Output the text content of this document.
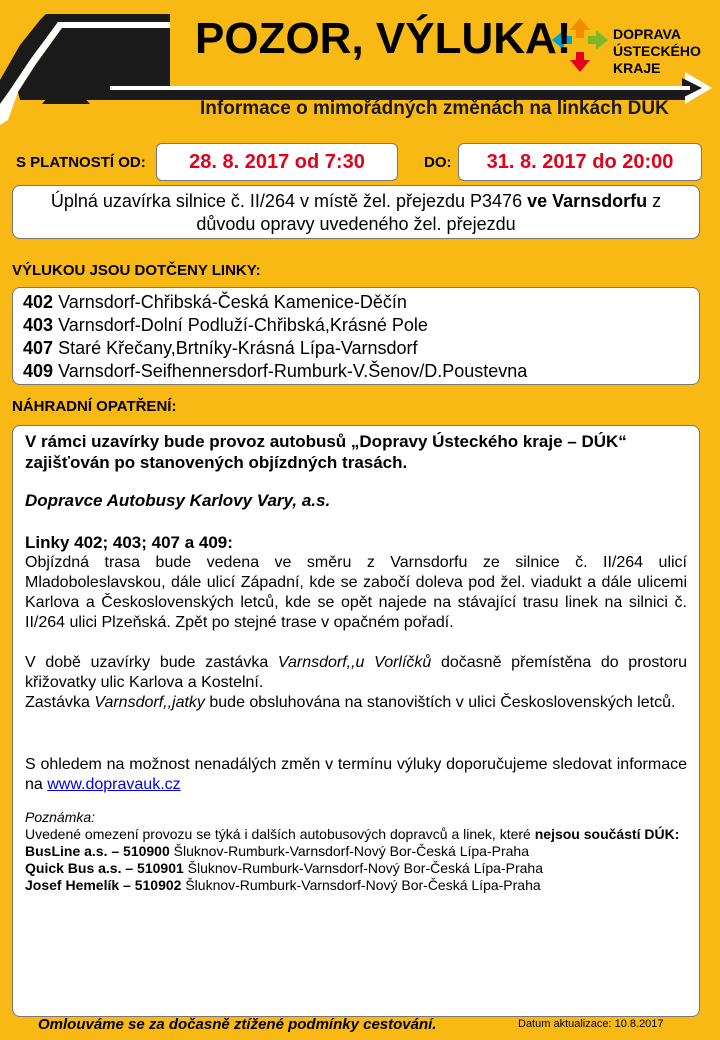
POZOR, VÝLUKA!	DOPRAVA
ÚSTECKÉHO
KRAJE
Informace o mimořádných změnách na linkách DÚK
S PLATNOSTÍ OD:	28. 8. 2017 od 7:30	DO:	31. 8. 2017 do 20:00
Úplná uzavírka silnice č. II/264 v místě žel. přejezdu P3476 ve Varnsdorfu z důvodu opravy uvedeného žel. přejezdu
VÝLUKOU JSOU DOTČENY LINKY:
402 Varnsdorf-Chřibská-Česká Kamenice-Děčín
403 Varnsdorf-Dolní Podluží-Chřibská,Krásné Pole
407 Staré Křečany,Brtníky-Krásná Lípa-Varnsdorf
409 Varnsdorf-Seifhennersdorf-Rumburk-V.Šenov/D.Poustevna
NÁHRADNÍ OPATŘENÍ:

V rámci uzavírky bude provoz autobusů „Dopravy Ústeckého kraje – DÚK“ zajišťován po stanovených objízdných trasách.

Dopravce Autobusy Karlovy Vary, a.s.

Linky 402; 403; 407 a 409:

Objízdná trasa bude vedena ve směru z Varnsdorfu ze silnice č. II/264 ulicí Mladoboleslavskou, dále ulicí Západní, kde se zabočí doleva pod žel. viadukt a dále ulicemi Karlova a Československých letců, kde se opět najede na stávající trasu linek na silnici č. II/264 ulici Plzeňská. Zpět po stejné trase v opačném pořadí.

V době uzavírky bude zastávka Varnsdorf,,u Vorlíčků dočasně přemístěna do prostoru křižovatky ulic Karlova a Kostelní.

Zastávka Varnsdorf,,jatky bude obsluhována na stanovištích v ulici Československých letců.

S ohledem na možnost nenadálých změn v termínu výluky doporučujeme sledovat informace na www.dopravauk.cz

Poznámka:

Uvedené omezení provozu se týká i dalších autobusových dopravců a linek, které nejsou součástí DÚK:

BusLine a.s. – 510900 Šluknov-Rumburk-Varnsdorf-Nový Bor-Česká Lípa-Praha

Quick Bus a.s. – 510901 Šluknov-Rumburk-Varnsdorf-Nový Bor-Česká Lípa-Praha

Josef Hemelík – 510902 Šluknov-Rumburk-Varnsdorf-Nový Bor-Česká Lípa-Praha

Omlouváme se za dočasně ztížené podmínky cestování.	Datum aktualizace: 10.8.2017
